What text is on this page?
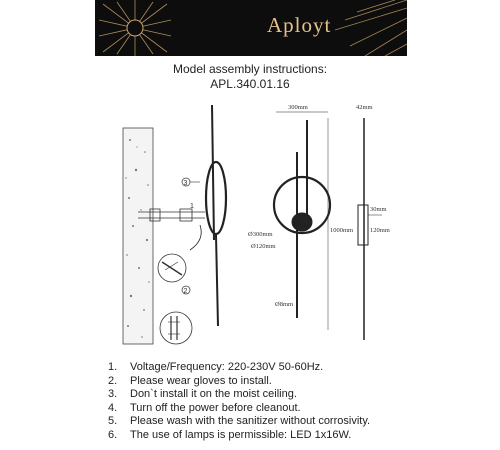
Aployt
Model assembly instructions:
APL.340.01.16
3
1
2
300mm
Ø300mm
Ø120mm
Ø8mm
1000mm
42mm
30mm
120mm
1. Voltage/Frequency: 220-230V 50-60Hz.
2. Please wear gloves to install.
3. Don`t install it on the moist ceiling.
4. Turn off the power before cleanout.
5. Please wash with the sanitizer without corrosivity.
6. The use of lamps is permissible: LED 1x16W.
